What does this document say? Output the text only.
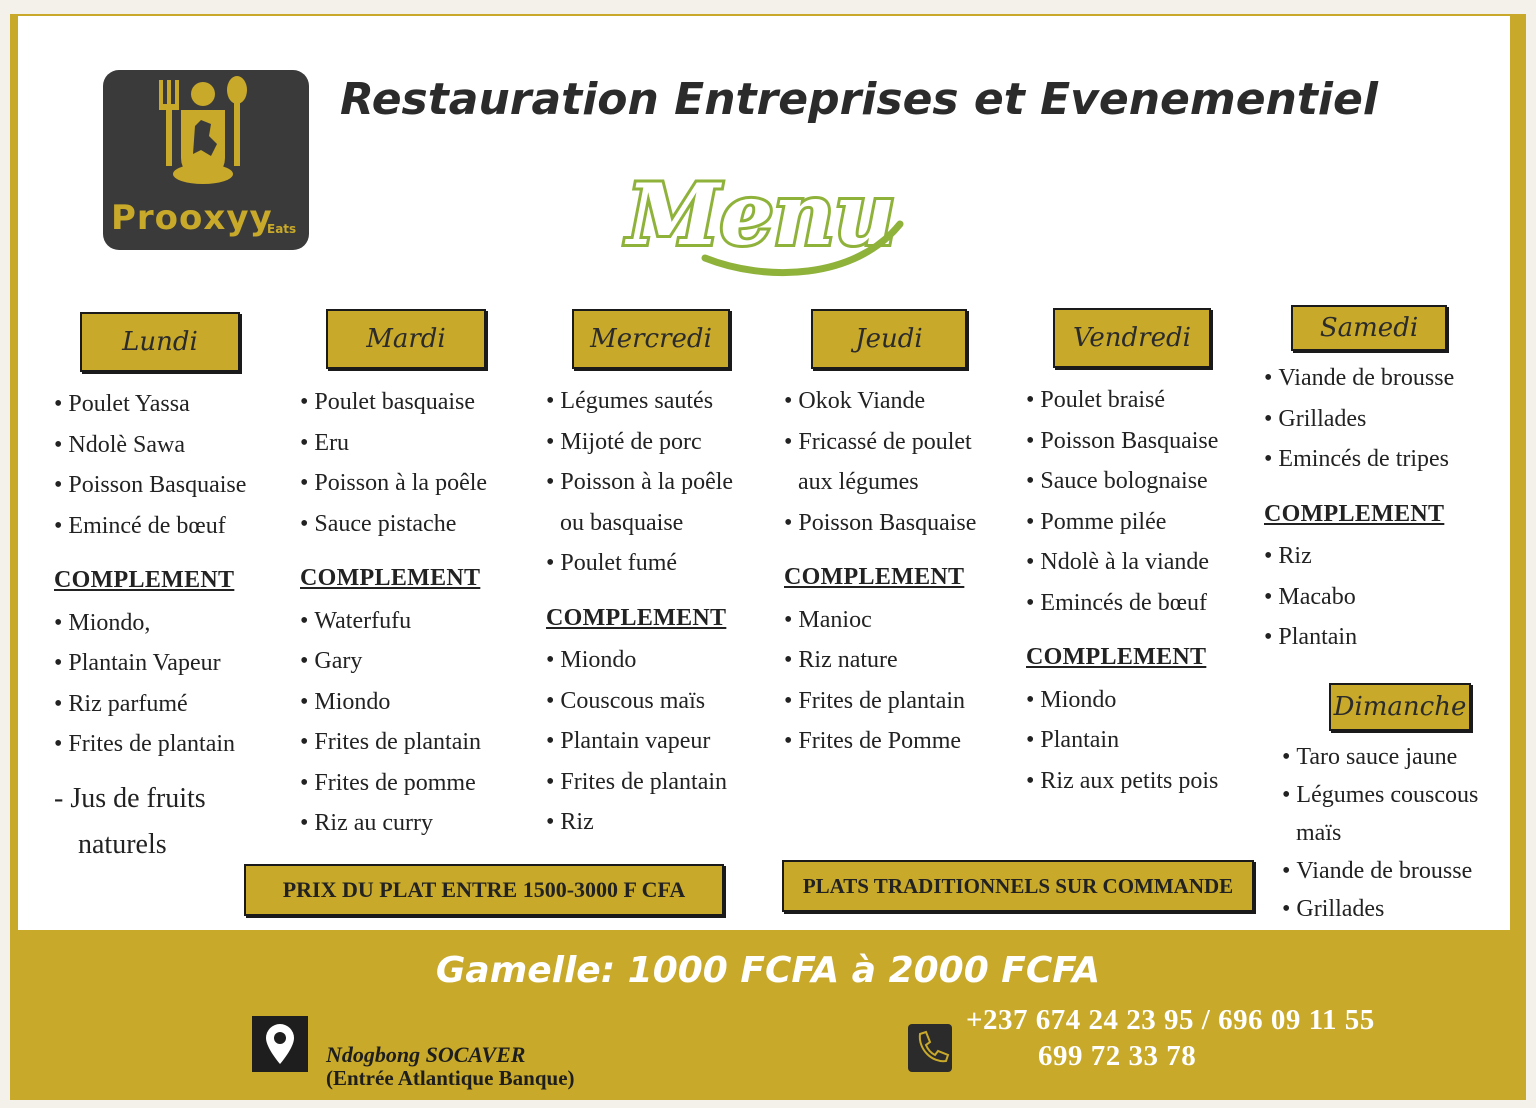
Prooxyy
Eats
Restauration Entreprises et Evenementiel
Menu
Lundi	Mardi	Mercredi	Jeudi	Vendredi	Samedi
Dimanche
• Poulet Yassa
• Ndolè Sawa
• Poisson Basquaise
• Emincé de bœuf
COMPLEMENT
• Miondo,
• Plantain Vapeur
• Riz parfumé
• Frites de plantain
- Jus de fruits
naturels
• Poulet basquaise
• Eru
• Poisson à la poêle
• Sauce pistache
COMPLEMENT
• Waterfufu
• Gary
• Miondo
• Frites de plantain
• Frites de pomme
• Riz au curry
• Légumes sautés
• Mijoté de porc
• Poisson à la poêle
ou basquaise
• Poulet fumé
COMPLEMENT
• Miondo
• Couscous maïs
• Plantain vapeur
• Frites de plantain
• Riz
• Okok Viande
• Fricassé de poulet
aux légumes
• Poisson Basquaise
COMPLEMENT
• Manioc
• Riz nature
• Frites de plantain
• Frites de Pomme
• Poulet braisé
• Poisson Basquaise
• Sauce bolognaise
• Pomme pilée
• Ndolè à la viande
• Emincés de bœuf
COMPLEMENT
• Miondo
• Plantain
• Riz aux petits pois
• Viande de brousse
• Grillades
• Emincés de tripes
COMPLEMENT
• Riz
• Macabo
• Plantain
• Taro sauce jaune
• Légumes couscous
maïs
• Viande de brousse
• Grillades
PRIX DU PLAT ENTRE 1500-3000 F CFA	PLATS TRADITIONNELS SUR COMMANDE
Gamelle: 1000 FCFA à 2000 FCFA
Ndogbong SOCAVER
(Entrée Atlantique Banque)
+237 674 24 23 95 / 696 09 11 55
699 72 33 78
